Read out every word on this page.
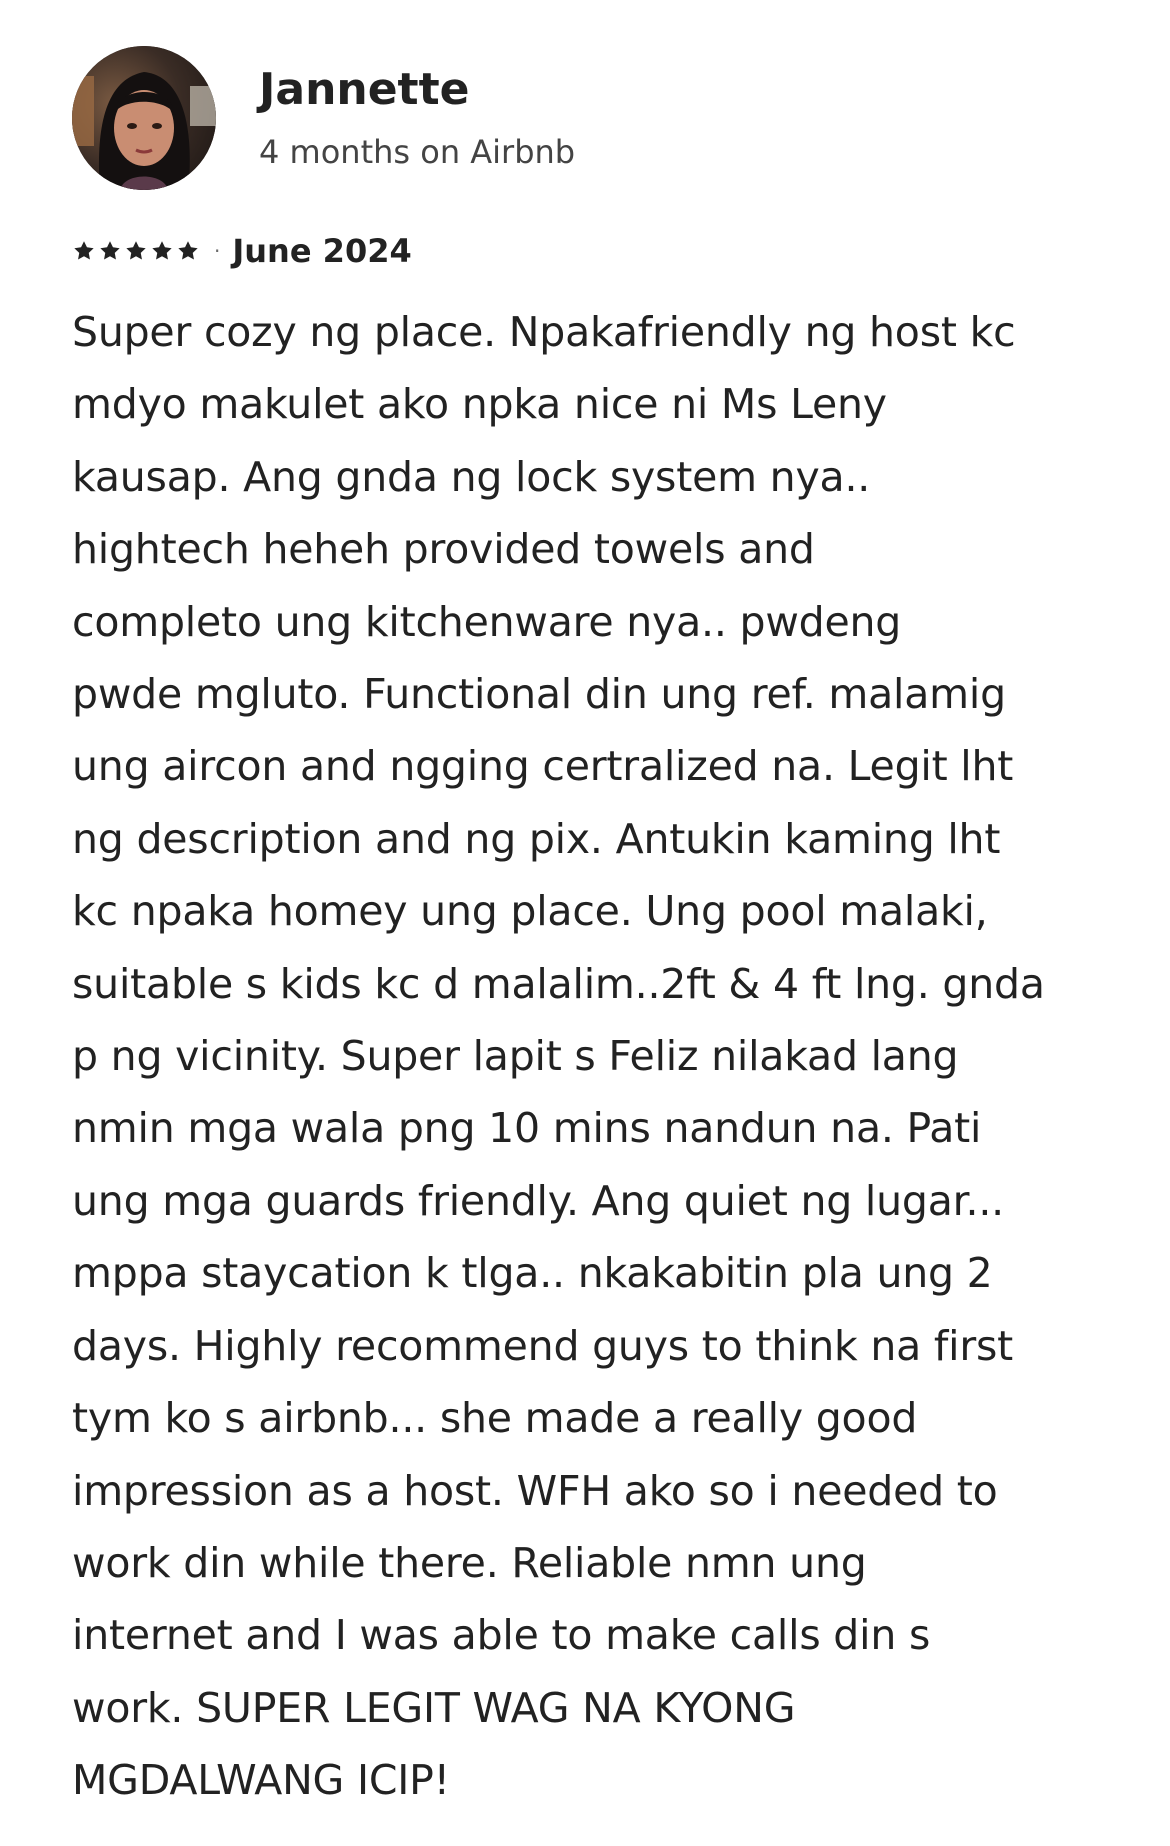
Jannette
4 months on Airbnb
· June 2024
Super cozy ng place. Npakafriendly ng host kc
mdyo makulet ako npka nice ni Ms Leny
kausap. Ang gnda ng lock system nya..
hightech heheh provided towels and
completo ung kitchenware nya.. pwdeng
pwde mgluto. Functional din ung ref. malamig
ung aircon and ngging certralized na. Legit lht
ng description and ng pix. Antukin kaming lht
kc npaka homey ung place. Ung pool malaki,
suitable s kids kc d malalim..2ft & 4 ft lng. gnda
p ng vicinity. Super lapit s Feliz nilakad lang
nmin mga wala png 10 mins nandun na. Pati
ung mga guards friendly. Ang quiet ng lugar...
mppa staycation k tlga.. nkakabitin pla ung 2
days. Highly recommend guys to think na first
tym ko s airbnb... she made a really good
impression as a host. WFH ako so i needed to
work din while there. Reliable nmn ung
internet and I was able to make calls din s
work. SUPER LEGIT WAG NA KYONG
MGDALWANG ICIP!
